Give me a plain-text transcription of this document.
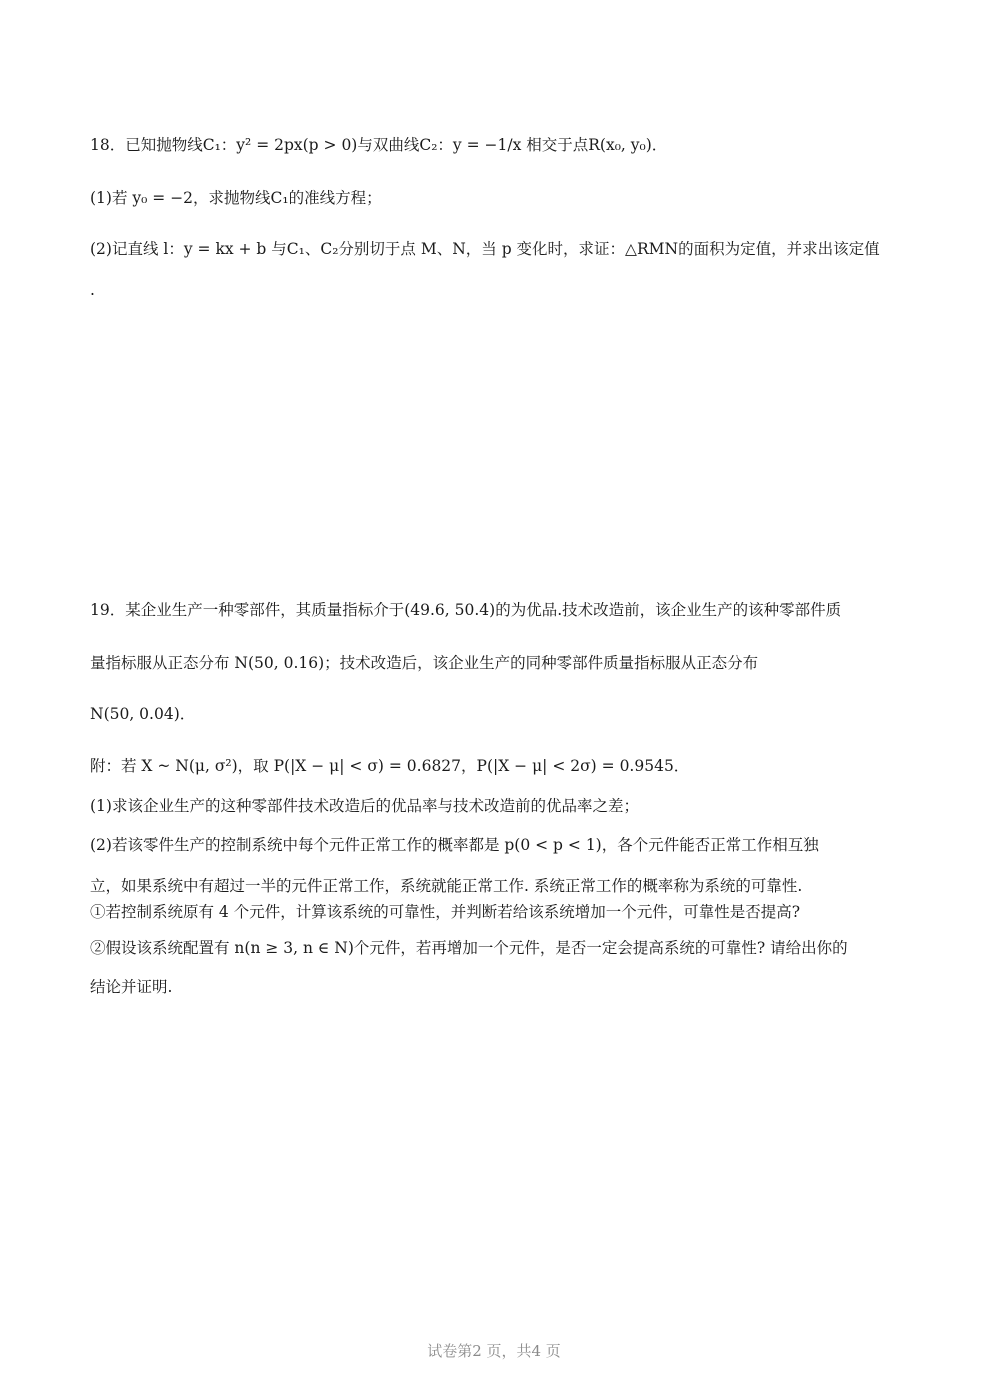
18．已知抛物线C₁：y² = 2px(p > 0)与双曲线C₂：y = −1/x 相交于点R(x₀, y₀)．
(1)若 y₀ = −2，求抛物线C₁的准线方程；
(2)记直线 l：y = kx + b 与C₁、C₂分别切于点 M、N，当 p 变化时，求证：△RMN的面积为定值，并求出该定值
.
19．某企业生产一种零部件，其质量指标介于(49.6, 50.4)的为优品.技术改造前，该企业生产的该种零部件质
量指标服从正态分布 N(50, 0.16)；技术改造后，该企业生产的同种零部件质量指标服从正态分布
N(50, 0.04)．
附：若 X ~ N(μ, σ²)，取 P(|X − μ| < σ) = 0.6827，P(|X − μ| < 2σ) = 0.9545．
(1)求该企业生产的这种零部件技术改造后的优品率与技术改造前的优品率之差；
(2)若该零件生产的控制系统中每个元件正常工作的概率都是 p(0 < p < 1)，各个元件能否正常工作相互独
立，如果系统中有超过一半的元件正常工作，系统就能正常工作. 系统正常工作的概率称为系统的可靠性.
①若控制系统原有 4 个元件，计算该系统的可靠性，并判断若给该系统增加一个元件，可靠性是否提高?
②假设该系统配置有 n(n ≥ 3, n ∈ N)个元件，若再增加一个元件，是否一定会提高系统的可靠性? 请给出你的
结论并证明.
试卷第2 页，共4 页
